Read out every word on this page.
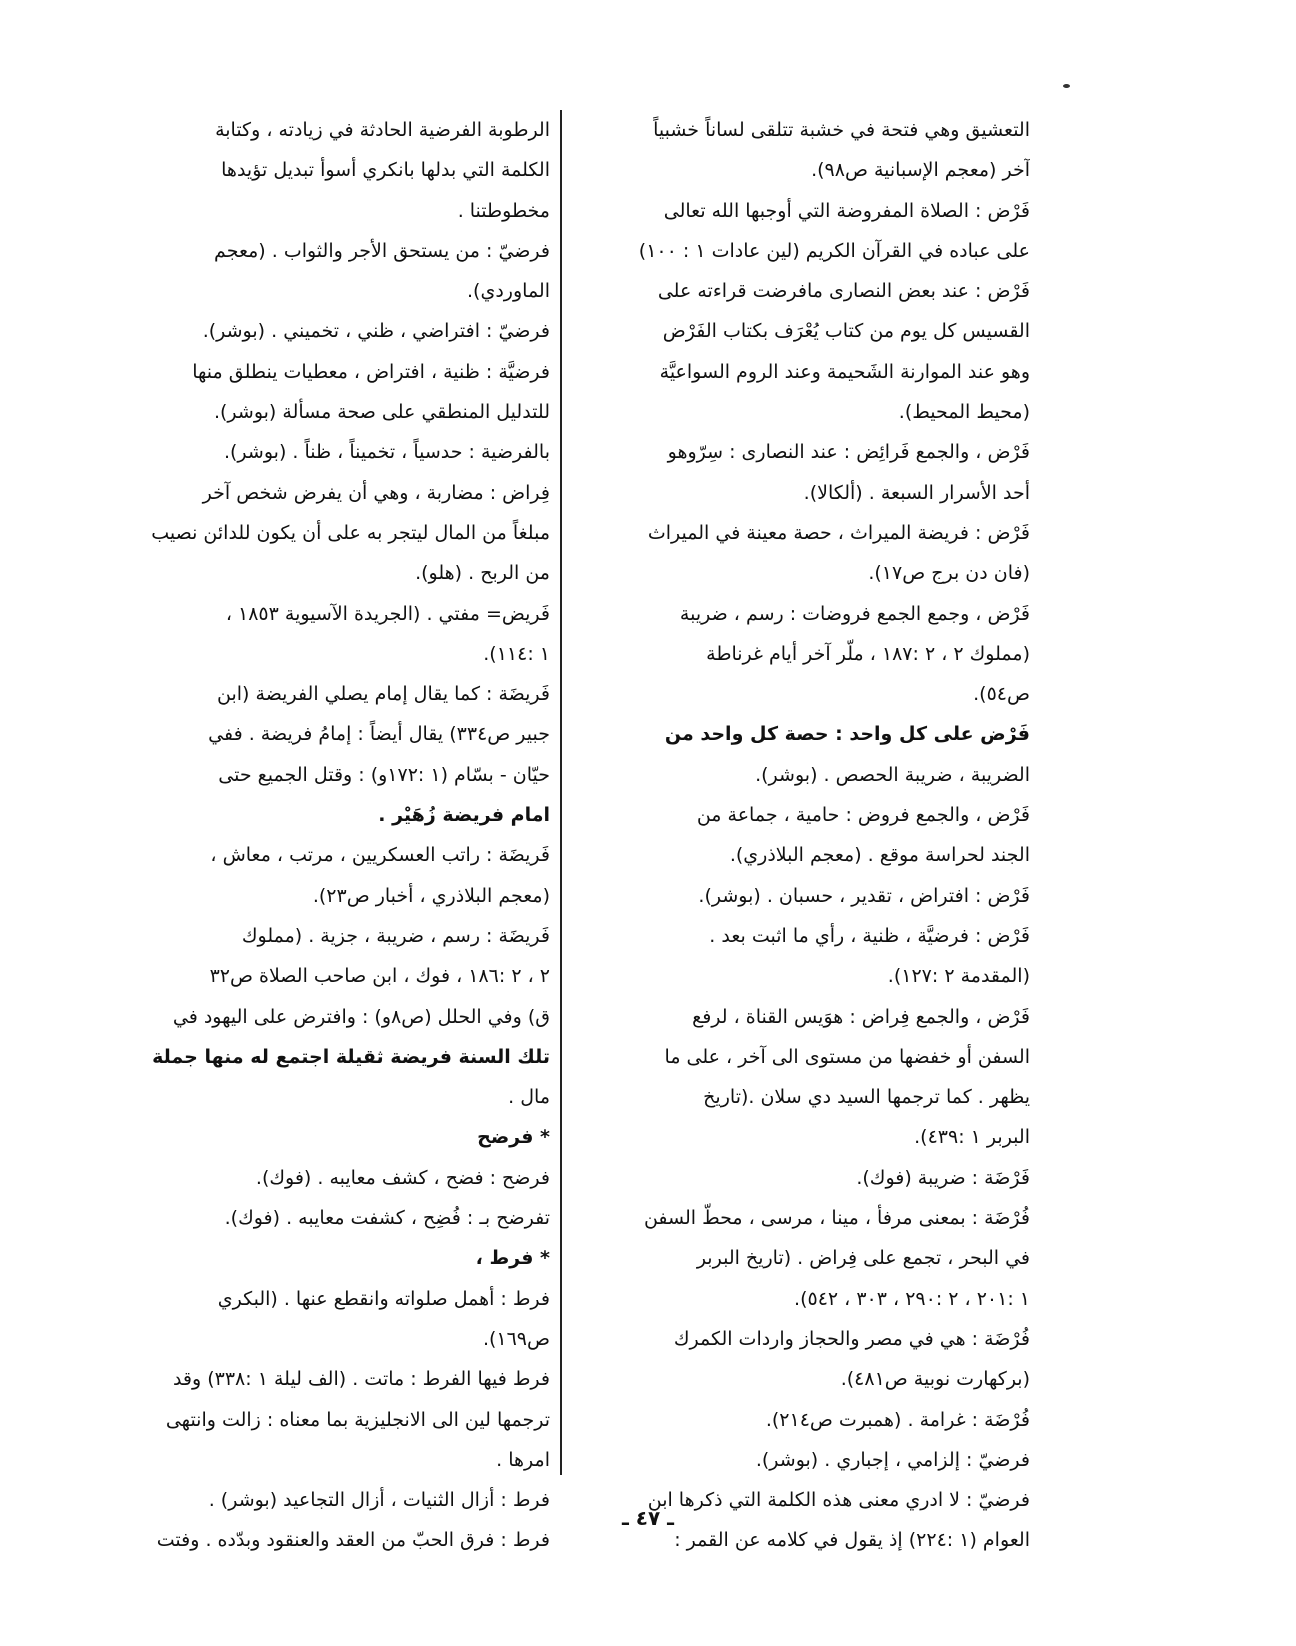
التعشيق وهي فتحة في خشبة تتلقى لساناً خشبياً
آخر (معجم الإسبانية ص٩٨).
فَرْض : الصلاة المفروضة التي أوجبها الله تعالى
على عباده في القرآن الكريم (لين عادات ١ : ١٠٠)
فَرْض : عند بعض النصارى مافرضت قراءته على
القسيس كل يوم من كتاب يُعْرَف بكتاب الفَرْض
وهو عند الموارنة الشَحيمة وعند الروم السواعيَّة
(محيط المحيط).
فَرْض ، والجمع فَرائِض : عند النصارى : سِرّوهو
أحد الأسرار السبعة . (ألكالا).
فَرْض : فريضة الميراث ، حصة معينة في الميراث
(فان دن برج ص١٧).
فَرْض ، وجمع الجمع فروضات : رسم ، ضريبة
(مملوك ٢ ، ٢ :١٨٧ ، ملّر آخر أيام غرناطة
ص٥٤).
فَرْض على كل واحد : حصة كل واحد من
الضريبة ، ضريبة الحصص . (بوشر).
فَرْض ، والجمع فروض : حامية ، جماعة من
الجند لحراسة موقع . (معجم البلاذري).
فَرْض : افتراض ، تقدير ، حسبان . (بوشر).
فَرْض : فرضيَّة ، ظنية ، رأي ما اثبت بعد .
(المقدمة ٢ :١٢٧).
فَرْض ، والجمع فِراض : هوَيس القناة ، لرفع
السفن أو خفضها من مستوى الى آخر ، على ما
يظهر . كما ترجمها السيد دي سلان .(تاريخ
البربر ١ :٤٣٩).
فَرْضَة : ضريبة (فوك).
فُرْضَة : بمعنى مرفأ ، مينا ، مرسى ، محطّ السفن
في البحر ، تجمع على فِراض . (تاريخ البربر
١ :٢٠١ ، ٢ :٢٩٠ ، ٣٠٣ ، ٥٤٢).
فُرْضَة : هي في مصر والحجاز واردات الكمرك
(بركهارت نوبية ص٤٨١).
فُرْضَة : غرامة . (همبرت ص٢١٤).
فرضيّ : إلزامي ، إجباري . (بوشر).
فرضيّ : لا ادري معنى هذه الكلمة التي ذكرها ابن
العوام (١ :٢٢٤) إذ يقول في كلامه عن القمر :
الرطوبة الفرضية الحادثة في زيادته ، وكتابة
الكلمة التي بدلها بانكري أسوأ تبديل تؤيدها
مخطوطتنا .
فرضيّ : من يستحق الأجر والثواب . (معجم
الماوردي).
فرضيّ : افتراضي ، ظني ، تخميني . (بوشر).
فرضيَّة : ظنية ، افتراض ، معطيات ينطلق منها
للتدليل المنطقي على صحة مسألة (بوشر).
بالفرضية : حدسياً ، تخميناً ، ظناً . (بوشر).
فِراض : مضاربة ، وهي أن يفرض شخص آخر
مبلغاً من المال ليتجر به على أن يكون للدائن نصيب
من الربح . (هلو).
فَريض= مفتي . (الجريدة الآسيوية ١٨٥٣ ،
١ :١١٤).
فَريضَة : كما يقال إمام يصلي الفريضة (ابن
جبير ص٣٣٤) يقال أيضاً : إمامُ فريضة . ففي
حيّان - بسّام (١ :١٧٢و) : وقتل الجميع حتى
امام فريضة زُهَيْر .
فَريضَة : راتب العسكريين ، مرتب ، معاش ،
(معجم البلاذري ، أخبار ص٢٣).
فَريضَة : رسم ، ضريبة ، جزية . (مملوك
٢ ، ٢ :١٨٦ ، فوك ، ابن صاحب الصلاة ص٣٢
ق) وفي الحلل (ص٨و) : وافترض على اليهود في
تلك السنة فريضة ثقيلة اجتمع له منها جملة
مال .
* فرضح
فرضح : فضح ، كشف معايبه . (فوك).
تفرضح بـ : فُضِح ، كشفت معايبه . (فوك).
* فرط ،
فرط : أهمل صلواته وانقطع عنها . (البكري
ص١٦٩).
فرط فيها الفرط : ماتت . (الف ليلة ١ :٣٣٨) وقد
ترجمها لين الى الانجليزية بما معناه : زالت وانتهى
امرها .
فرط : أزال الثنيات ، أزال التجاعيد (بوشر) .
فرط : فرق الحبّ من العقد والعنقود وبدّده . وفتت
ـ ٤٧ ـ
